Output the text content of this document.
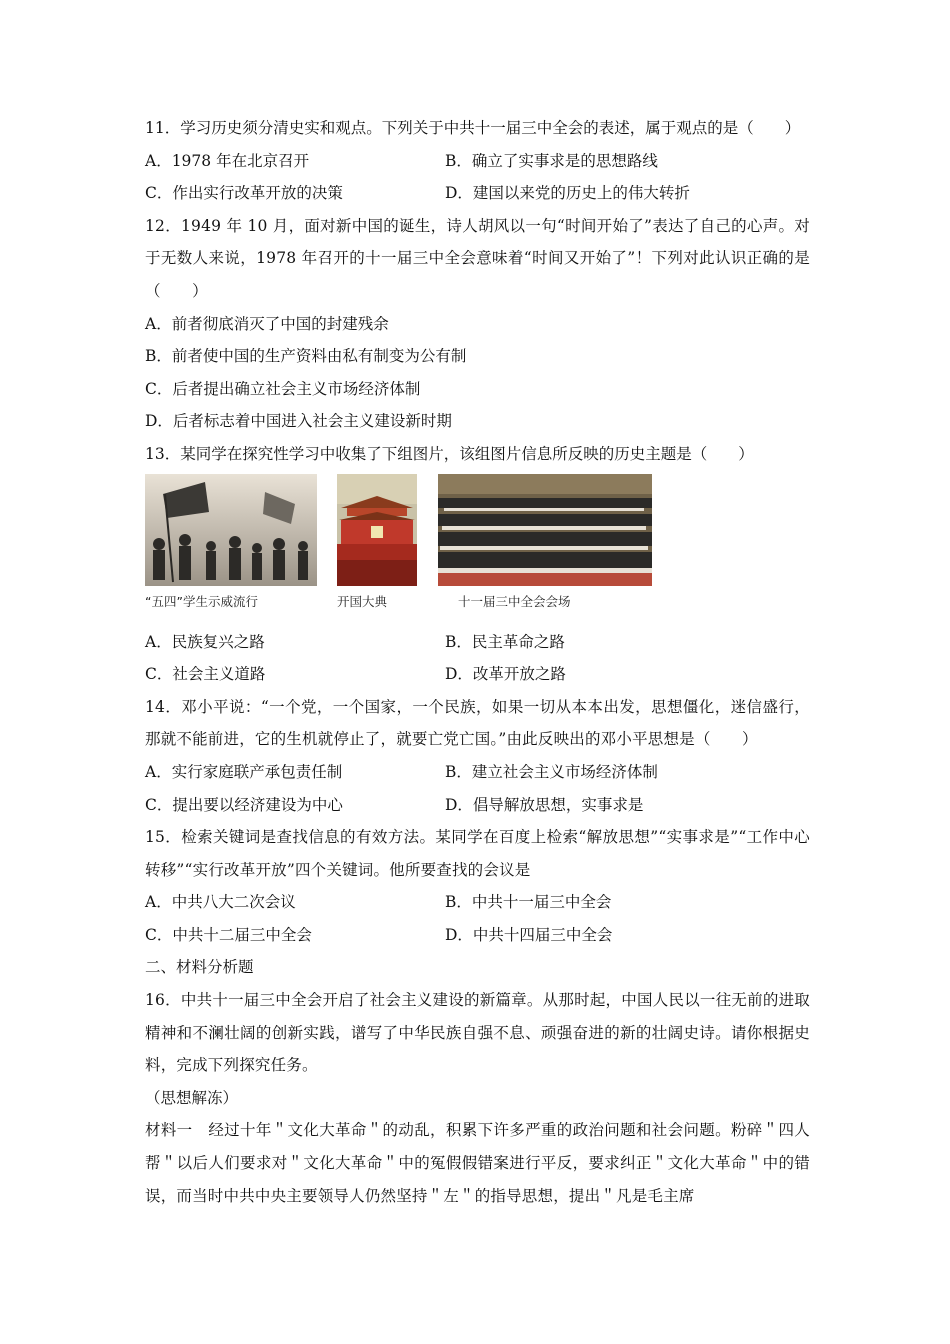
11．学习历史须分清史实和观点。下列关于中共十一届三中全会的表述，属于观点的是（　　）
A．1978 年在北京召开	B．确立了实事求是的思想路线
C．作出实行改革开放的决策	D．建国以来党的历史上的伟大转折
12．1949 年 10 月，面对新中国的诞生，诗人胡风以一句“时间开始了”表达了自己的心声。对于无数人来说，1978 年召开的十一届三中全会意味着“时间又开始了”！下列对此认识正确的是（　　）
A．前者彻底消灭了中国的封建残余
B．前者使中国的生产资料由私有制变为公有制
C．后者提出确立社会主义市场经济体制
D．后者标志着中国进入社会主义建设新时期
13．某同学在探究性学习中收集了下组图片，该组图片信息所反映的历史主题是（　　）
“五四”学生示威流行	开国大典	十一届三中全会会场
A．民族复兴之路	B．民主革命之路
C．社会主义道路	D．改革开放之路
14．邓小平说：“一个党，一个国家，一个民族，如果一切从本本出发，思想僵化，迷信盛行，那就不能前进，它的生机就停止了，就要亡党亡国。”由此反映出的邓小平思想是（　　）
A．实行家庭联产承包责任制	B．建立社会主义市场经济体制
C．提出要以经济建设为中心	D．倡导解放思想，实事求是
15．检索关键词是查找信息的有效方法。某同学在百度上检索“解放思想”“实事求是”“工作中心转移”“实行改革开放”四个关键词。他所要查找的会议是
A．中共八大二次会议	B．中共十一届三中全会
C．中共十二届三中全会	D．中共十四届三中全会
二、材料分析题
16．中共十一届三中全会开启了社会主义建设的新篇章。从那时起，中国人民以一往无前的进取精神和不澜壮阔的创新实践，谱写了中华民族自强不息、顽强奋进的新的壮阔史诗。请你根据史料，完成下列探究任务。
（思想解冻）
材料一　经过十年＂文化大革命＂的动乱，积累下许多严重的政治问题和社会问题。粉碎＂四人帮＂以后人们要求对＂文化大革命＂中的冤假假错案进行平反，要求纠正＂文化大革命＂中的错误，而当时中共中央主要领导人仍然坚持＂左＂的指导思想，提出＂凡是毛主席
